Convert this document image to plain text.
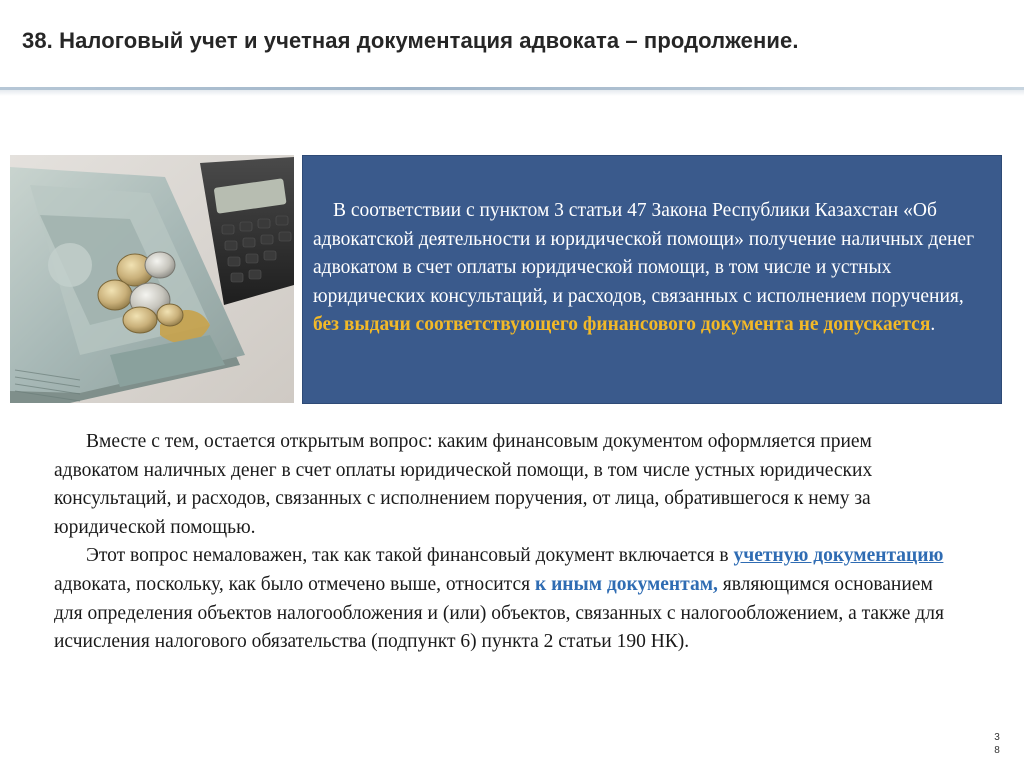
38. Налоговый учет и учетная документация адвоката – продолжение.
В соответствии с пунктом 3 статьи 47 Закона Республики Казахстан «Об адвокатской деятельности и юридической помощи» получение наличных денег адвокатом в счет оплаты юридической помощи, в том числе и устных юридических консультаций, и расходов, связанных с исполнением поручения, без выдачи соответствующего финансового документа не допускается.

Вместе с тем, остается открытым вопрос: каким финансовым документом оформляется прием адвокатом наличных денег в счет оплаты юридической помощи, в том числе устных юридических консультаций, и расходов, связанных с исполнением поручения, от лица, обратившегося к нему за юридической помощью.

Этот вопрос немаловажен, так как такой финансовый документ включается в учетную документацию адвоката, поскольку, как было отмечено выше, относится к иным документам, являющимся основанием для определения объектов налогообложения и (или) объектов, связанных с налогообложением, а также для исчисления налогового обязательства (подпункт 6) пункта 2 статьи 190 НК).

3
8
